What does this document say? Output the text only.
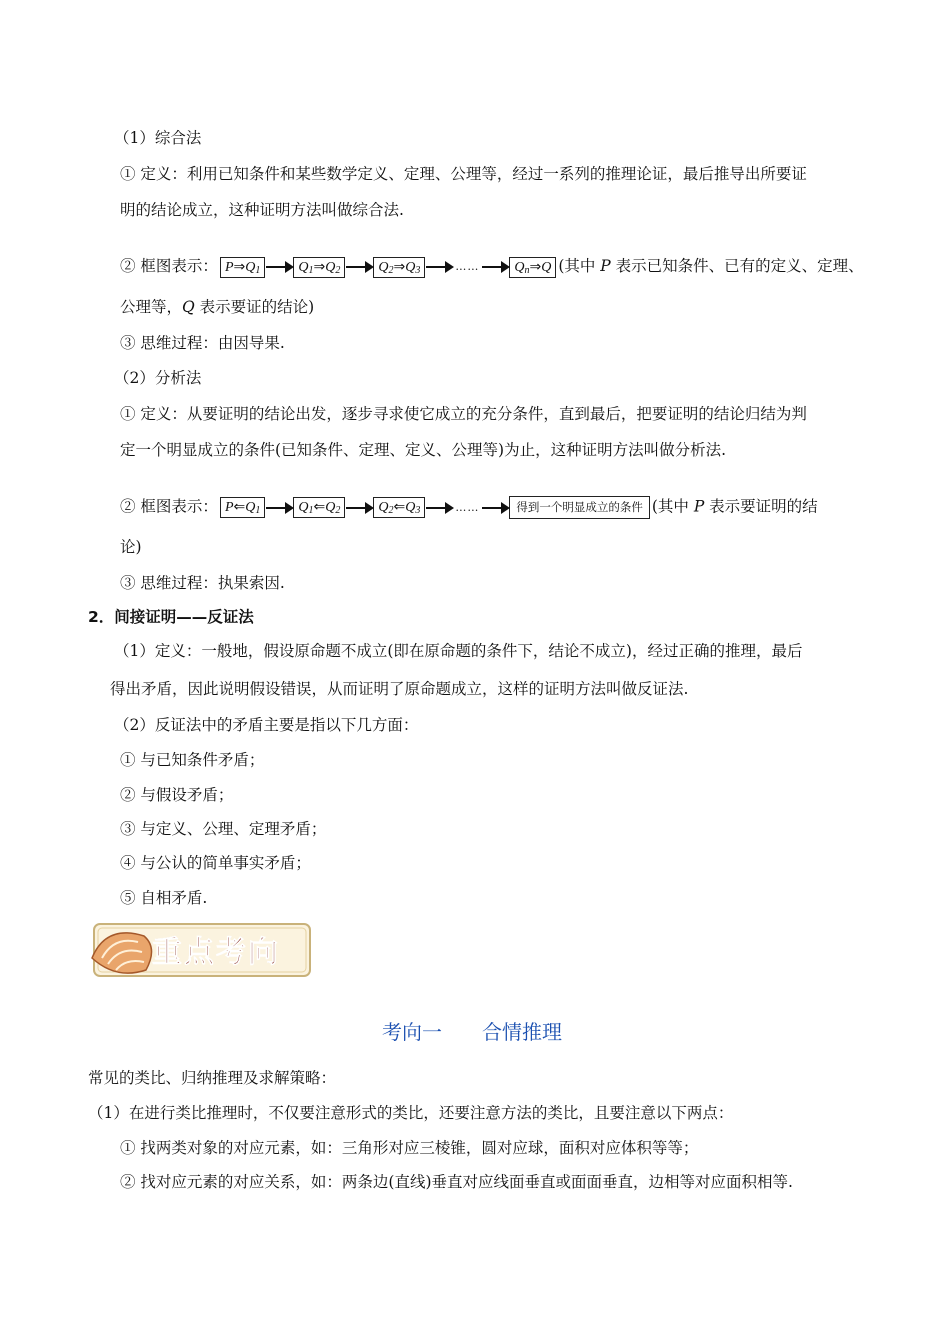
（1）综合法
① 定义：利用已知条件和某些数学定义、定理、公理等，经过一系列的推理论证，最后推导出所要证
明的结论成立，这种证明方法叫做综合法.
② 框图表示： P ⇒ $Q_1$	$Q_1$ ⇒ $Q_2$	$Q_2$ ⇒ $Q_3$	……	$Q_n$ ⇒ Q (其中 P 表示已知条件、已有的定义、定理、
公理等，Q 表示要证的结论)
③ 思维过程：由因导果.
（2）分析法
① 定义：从要证明的结论出发，逐步寻求使它成立的充分条件，直到最后，把要证明的结论归结为判
定一个明显成立的条件(已知条件、定理、定义、公理等)为止，这种证明方法叫做分析法.
② 框图表示： P ⇐ $Q_1$	$Q_1$ ⇐ $Q_2$	$Q_2$ ⇐ $Q_3$	……	得到一个明显成立的条件 (其中 P 表示要证明的结
论)
③ 思维过程：执果索因.
2．间接证明——反证法
（1）定义：一般地，假设原命题不成立(即在原命题的条件下，结论不成立)，经过正确的推理，最后
得出矛盾，因此说明假设错误，从而证明了原命题成立，这样的证明方法叫做反证法.
（2）反证法中的矛盾主要是指以下几方面：
① 与已知条件矛盾；
② 与假设矛盾；
③ 与定义、公理、定理矛盾；
④ 与公认的简单事实矛盾；
⑤ 自相矛盾.
重点考向
考向一 合情推理
常见的类比、归纳推理及求解策略：
（1）在进行类比推理时，不仅要注意形式的类比，还要注意方法的类比，且要注意以下两点：
① 找两类对象的对应元素，如：三角形对应三棱锥，圆对应球，面积对应体积等等；
② 找对应元素的对应关系，如：两条边(直线)垂直对应线面垂直或面面垂直，边相等对应面积相等.
